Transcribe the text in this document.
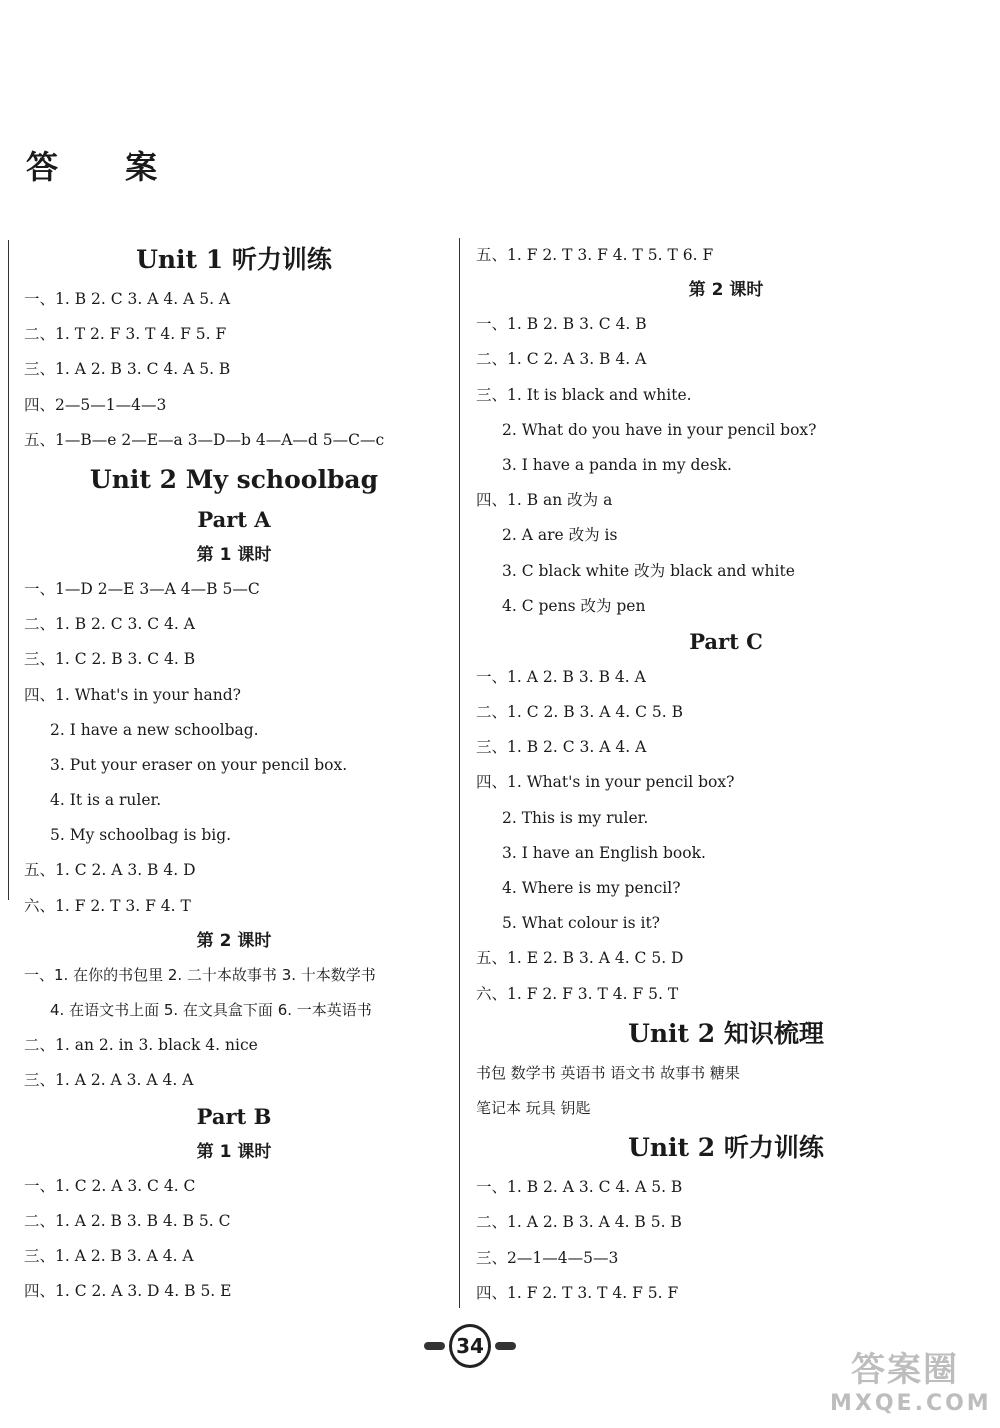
答 案
Unit 1 听力训练
一、1. B 2. C 3. A 4. A 5. A
二、1. T 2. F 3. T 4. F 5. F
三、1. A 2. B 3. C 4. A 5. B
四、2—5—1—4—3
五、1—B—e 2—E—a 3—D—b 4—A—d 5—C—c
Unit 2 My schoolbag
Part A
第 1 课时
一、1—D 2—E 3—A 4—B 5—C
二、1. B 2. C 3. C 4. A
三、1. C 2. B 3. C 4. B
四、1. What's in your hand?
2. I have a new schoolbag.
3. Put your eraser on your pencil box.
4. It is a ruler.
5. My schoolbag is big.
五、1. C 2. A 3. B 4. D
六、1. F 2. T 3. F 4. T
第 2 课时
一、1. 在你的书包里 2. 二十本故事书 3. 十本数学书
4. 在语文书上面 5. 在文具盒下面 6. 一本英语书
二、1. an 2. in 3. black 4. nice
三、1. A 2. A 3. A 4. A
Part B
第 1 课时
一、1. C 2. A 3. C 4. C
二、1. A 2. B 3. B 4. B 5. C
三、1. A 2. B 3. A 4. A
四、1. C 2. A 3. D 4. B 5. E
五、1. F 2. T 3. F 4. T 5. T 6. F
第 2 课时
一、1. B 2. B 3. C 4. B
二、1. C 2. A 3. B 4. A
三、1. It is black and white.
2. What do you have in your pencil box?
3. I have a panda in my desk.
四、1. B an 改为 a
2. A are 改为 is
3. C black white 改为 black and white
4. C pens 改为 pen
Part C
一、1. A 2. B 3. B 4. A
二、1. C 2. B 3. A 4. C 5. B
三、1. B 2. C 3. A 4. A
四、1. What's in your pencil box?
2. This is my ruler.
3. I have an English book.
4. Where is my pencil?
5. What colour is it?
五、1. E 2. B 3. A 4. C 5. D
六、1. F 2. F 3. T 4. F 5. T
Unit 2 知识梳理
书包 数学书 英语书 语文书 故事书 糖果
笔记本 玩具 钥匙
Unit 2 听力训练
一、1. B 2. A 3. C 4. A 5. B
二、1. A 2. B 3. A 4. B 5. B
三、2—1—4—5—3
四、1. F 2. T 3. T 4. F 5. F
34
答案圈
MXQE.COM
